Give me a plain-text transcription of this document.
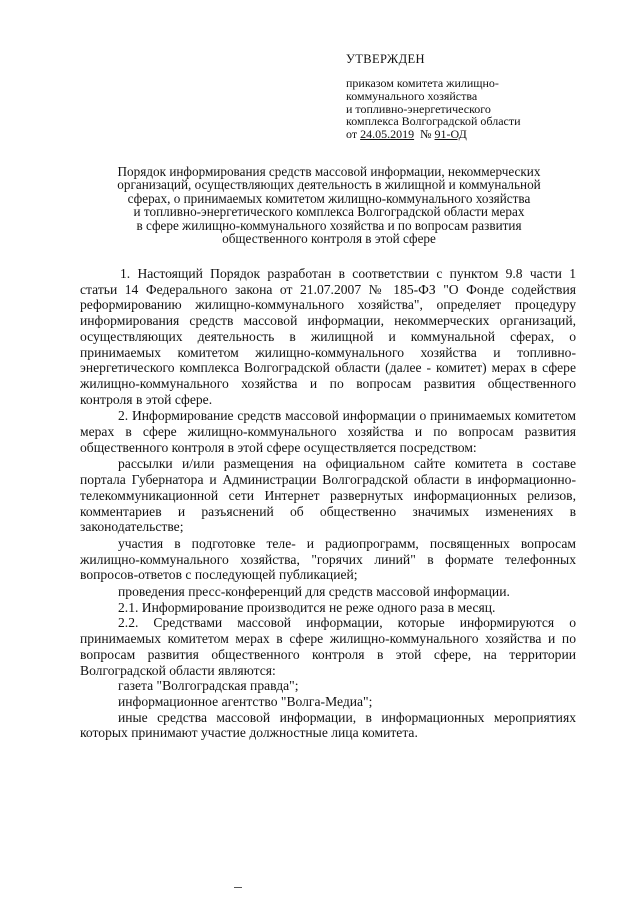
УТВЕРЖДЕН
приказом комитета жилищно-
коммунального хозяйства
и топливно-энергетического
комплекса Волгоградской области
от 24.05.2019 № 91-ОД
Порядок информирования средств массовой информации, некоммерческих
организаций, осуществляющих деятельность в жилищной и коммунальной
сферах, о принимаемых комитетом жилищно-коммунального хозяйства
и топливно-энергетического комплекса Волгоградской области мерах
в сфере жилищно-коммунального хозяйства и по вопросам развития
общественного контроля в этой сфере

1. Настоящий Порядок разработан в соответствии с пунктом 9.8 части 1 статьи 14 Федерального закона от 21.07.2007 № 185-ФЗ "О Фонде содействия реформированию жилищно-коммунального хозяйства", определяет процедуру информирования средств массовой информации, некоммерческих организаций, осуществляющих деятельность в жилищной и коммунальной сферах, о принимаемых комитетом жилищно-коммунального хозяйства и топливно-энергетического комплекса Волгоградской области (далее - комитет) мерах в сфере жилищно-коммунального хозяйства и по вопросам развития общественного контроля в этой сфере.

2. Информирование средств массовой информации о принимаемых комитетом мерах в сфере жилищно-коммунального хозяйства и по вопросам развития общественного контроля в этой сфере осуществляется посредством:

рассылки и/или размещения на официальном сайте комитета в составе портала Губернатора и Администрации Волгоградской области в информационно-телекоммуникационной сети Интернет развернутых информационных релизов, комментариев и разъяснений об общественно значимых изменениях в законодательстве;

участия в подготовке теле- и радиопрограмм, посвященных вопросам жилищно-коммунального хозяйства, "горячих линий" в формате телефонных вопросов-ответов с последующей публикацией;

проведения пресс-конференций для средств массовой информации.

2.1. Информирование производится не реже одного раза в месяц.

2.2. Средствами массовой информации, которые информируются о принимаемых комитетом мерах в сфере жилищно-коммунального хозяйства и по вопросам развития общественного контроля в этой сфере, на территории Волгоградской области являются:

газета "Волгоградская правда";

информационное агентство "Волга-Медиа";

иные средства массовой информации, в информационных мероприятиях которых принимают участие должностные лица комитета.
